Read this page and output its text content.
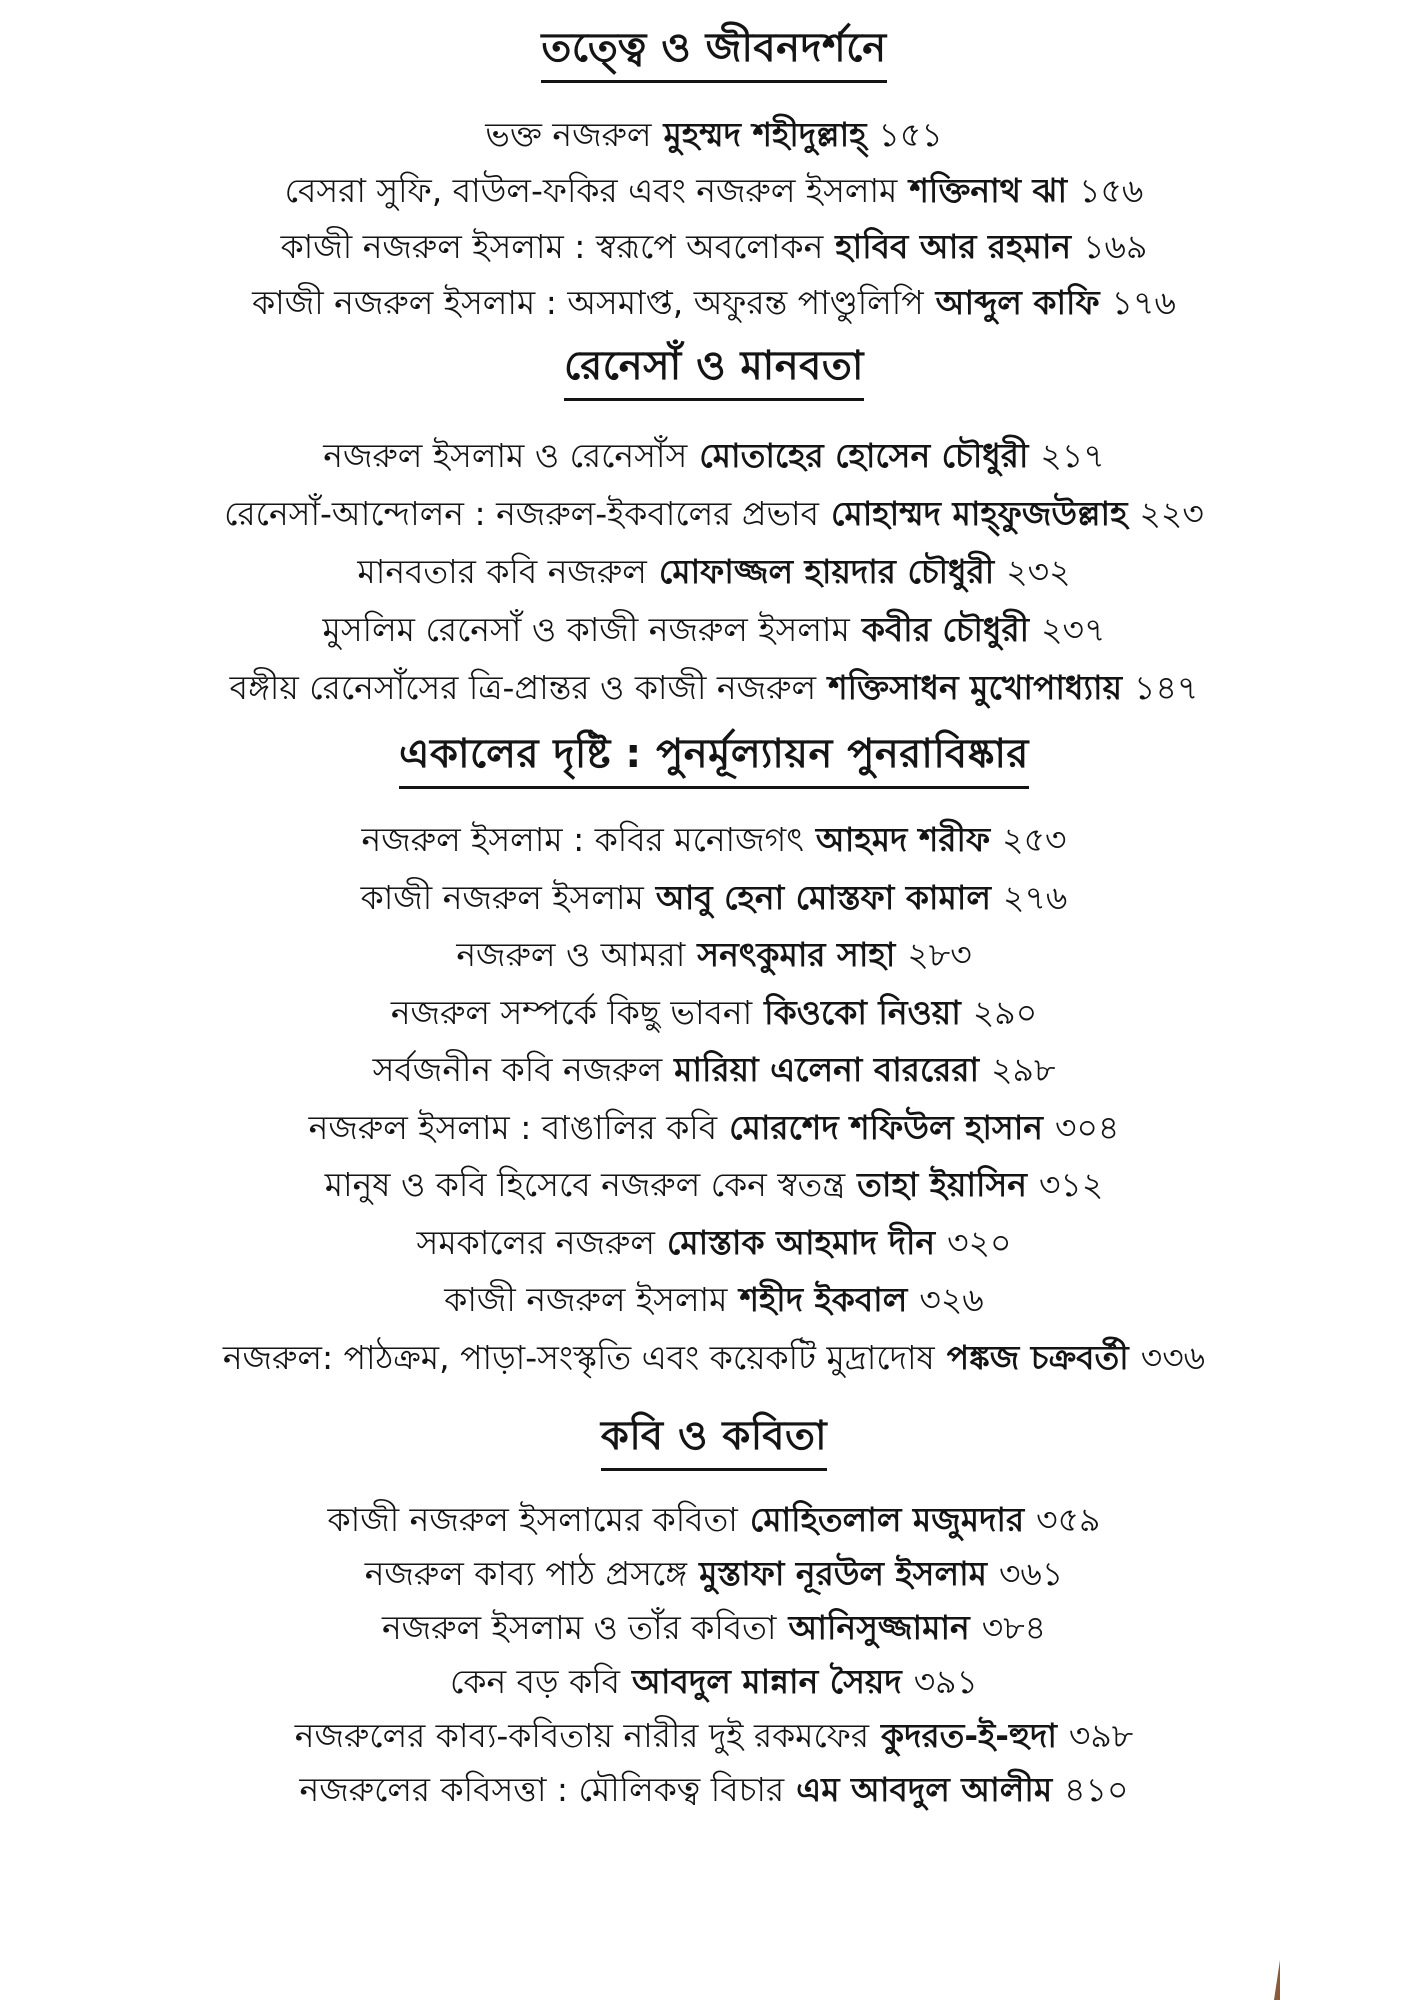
তত্ত্বে ও জীবনদর্শনে
ভক্ত নজরুল মুহম্মদ শহীদুল্লাহ্ ১৫১
বেসরা সুফি, বাউল-ফকির এবং নজরুল ইসলাম শক্তিনাথ ঝা ১৫৬
কাজী নজরুল ইসলাম : স্বরূপে অবলোকন হাবিব আর রহমান ১৬৯
কাজী নজরুল ইসলাম : অসমাপ্ত, অফুরন্ত পাণ্ডুলিপি আব্দুল কাফি ১৭৬
রেনেসাঁ ও মানবতা
নজরুল ইসলাম ও রেনেসাঁস মোতাহের হোসেন চৌধুরী ২১৭
রেনেসাঁ-আন্দোলন : নজরুল-ইকবালের প্রভাব মোহাম্মদ মাহ্ফুজউল্লাহ ২২৩
মানবতার কবি নজরুল মোফাজ্জল হায়দার চৌধুরী ২৩২
মুসলিম রেনেসাঁ ও কাজী নজরুল ইসলাম কবীর চৌধুরী ২৩৭
বঙ্গীয় রেনেসাঁসের ত্রি-প্রান্তর ও কাজী নজরুল শক্তিসাধন মুখোপাধ্যায় ১৪৭
একালের দৃষ্টি : পুনর্মূল্যায়ন পুনরাবিষ্কার
নজরুল ইসলাম : কবির মনোজগৎ আহমদ শরীফ ২৫৩
কাজী নজরুল ইসলাম আবু হেনা মোস্তফা কামাল ২৭৬
নজরুল ও আমরা সনৎকুমার সাহা ২৮৩
নজরুল সম্পর্কে কিছু ভাবনা কিওকো নিওয়া ২৯০
সর্বজনীন কবি নজরুল মারিয়া এলেনা বাররেরা ২৯৮
নজরুল ইসলাম : বাঙালির কবি মোরশেদ শফিউল হাসান ৩০৪
মানুষ ও কবি হিসেবে নজরুল কেন স্বতন্ত্র তাহা ইয়াসিন ৩১২
সমকালের নজরুল মোস্তাক আহমাদ দীন ৩২০
কাজী নজরুল ইসলাম শহীদ ইকবাল ৩২৬
নজরুল: পাঠক্রম, পাড়া-সংস্কৃতি এবং কয়েকটি মুদ্রাদোষ পঙ্কজ চক্রবর্তী ৩৩৬
কবি ও কবিতা
কাজী নজরুল ইসলামের কবিতা মোহিতলাল মজুমদার ৩৫৯
নজরুল কাব্য পাঠ প্রসঙ্গে মুস্তাফা নূরউল ইসলাম ৩৬১
নজরুল ইসলাম ও তাঁর কবিতা আনিসুজ্জামান ৩৮৪
কেন বড় কবি আবদুল মান্নান সৈয়দ ৩৯১
নজরুলের কাব্য-কবিতায় নারীর দুই রকমফের কুদরত-ই-হুদা ৩৯৮
নজরুলের কবিসত্তা : মৌলিকত্ব বিচার এম আবদুল আলীম ৪১০
